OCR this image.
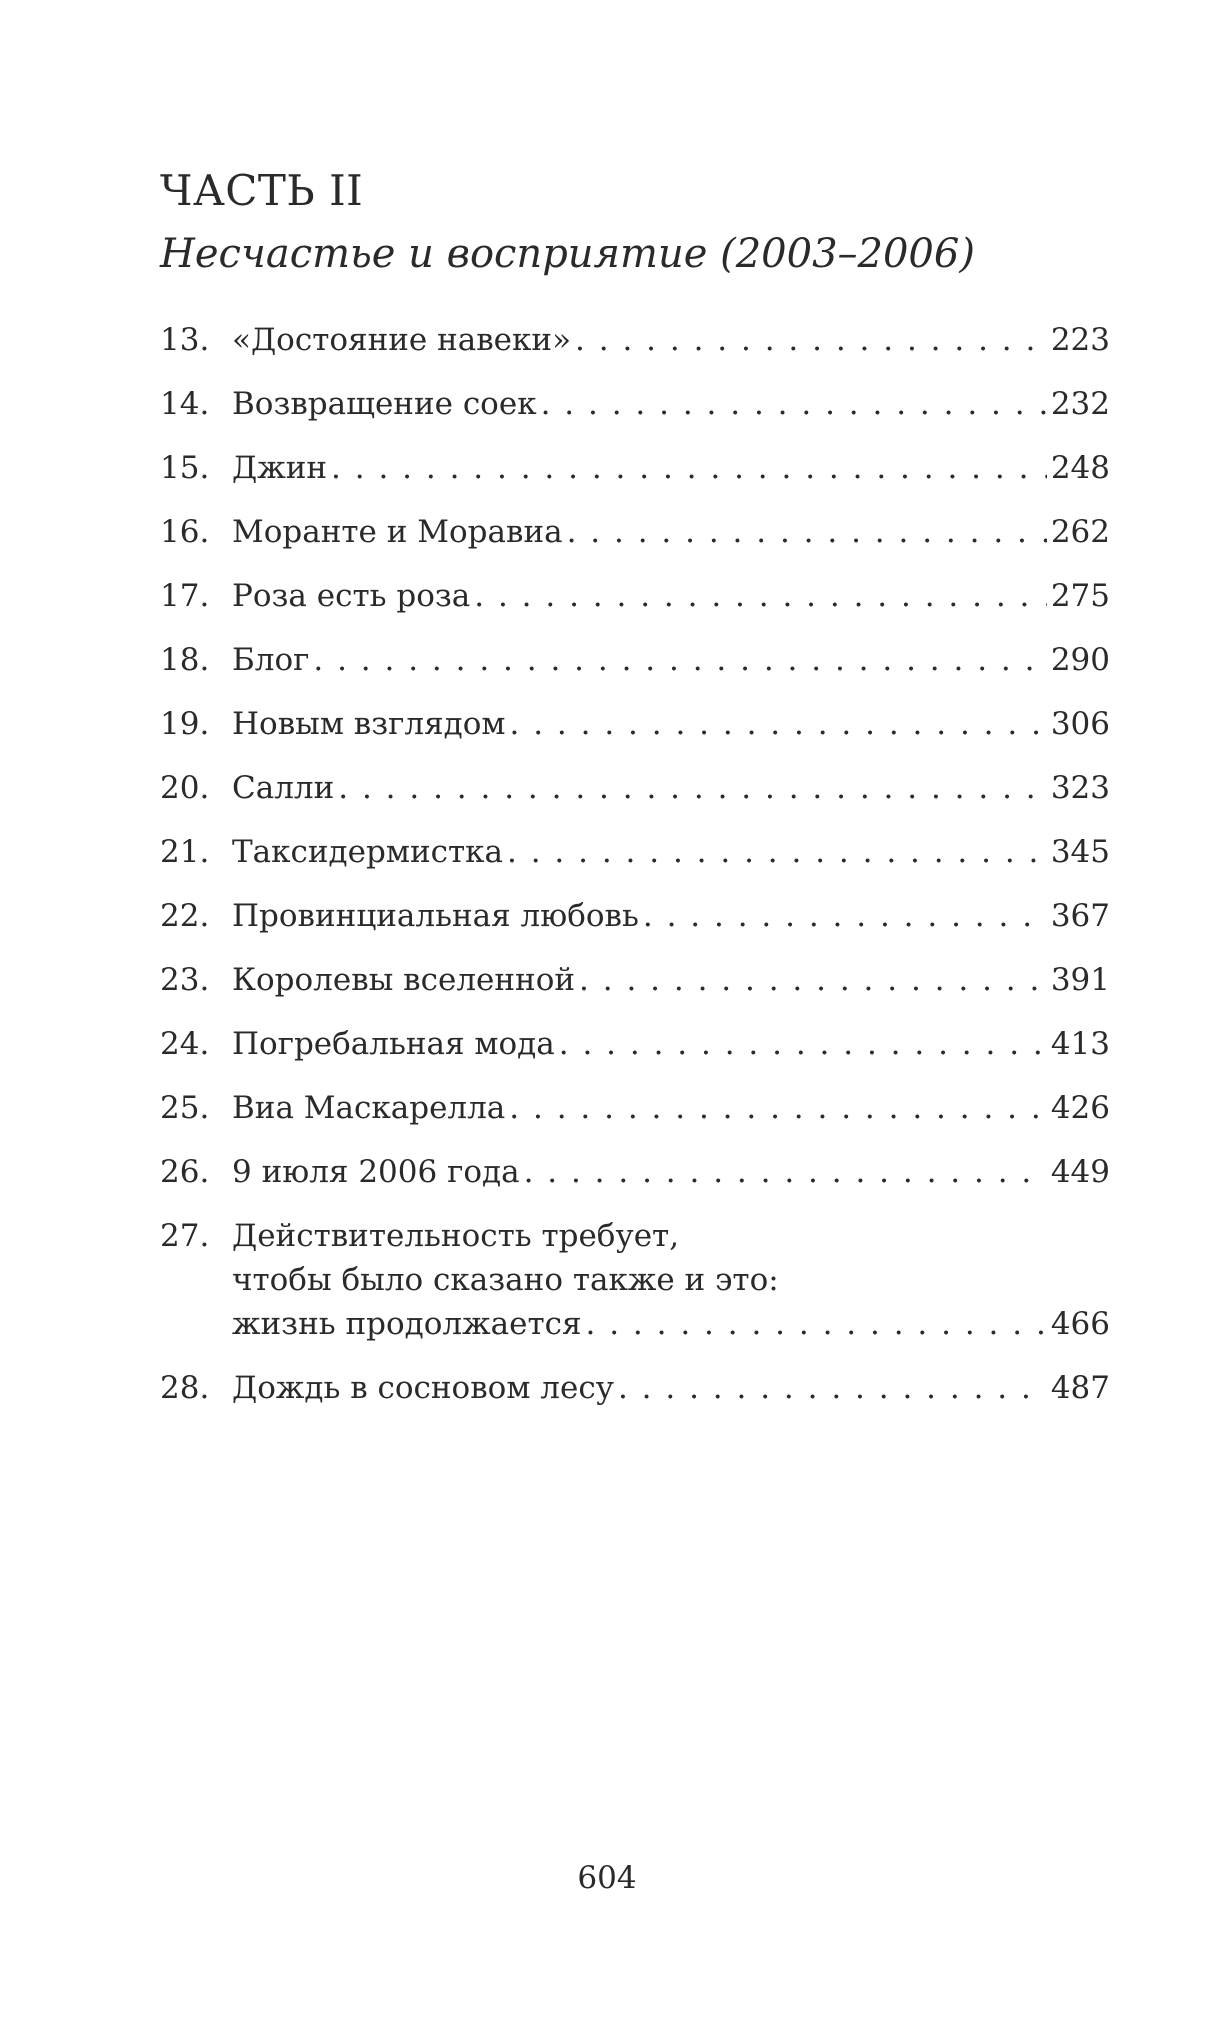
ЧАСТЬ II
Несчастье и восприятие (2003–2006)
13. «Достояние навеки» . . .	223
14. Возвращение соек . . .	232
15. Джин . . .	248
16. Моранте и Моравиа . . .	262
17. Роза есть роза . . .	275
18. Блог . . .	290
19. Новым взглядом . . .	306
20. Салли . . .	323
21. Таксидермистка . . .	345
22. Провинциальная любовь . . .	367
23. Королевы вселенной . . .	391
24. Погребальная мода . . .	413
25. Виа Маскарелла . . .	426
26. 9 июля 2006 года . . .	449
27. Действительность требует,
чтобы было сказано также и это:
жизнь продолжается . . .	466
28. Дождь в сосновом лесу . . .	487

604
